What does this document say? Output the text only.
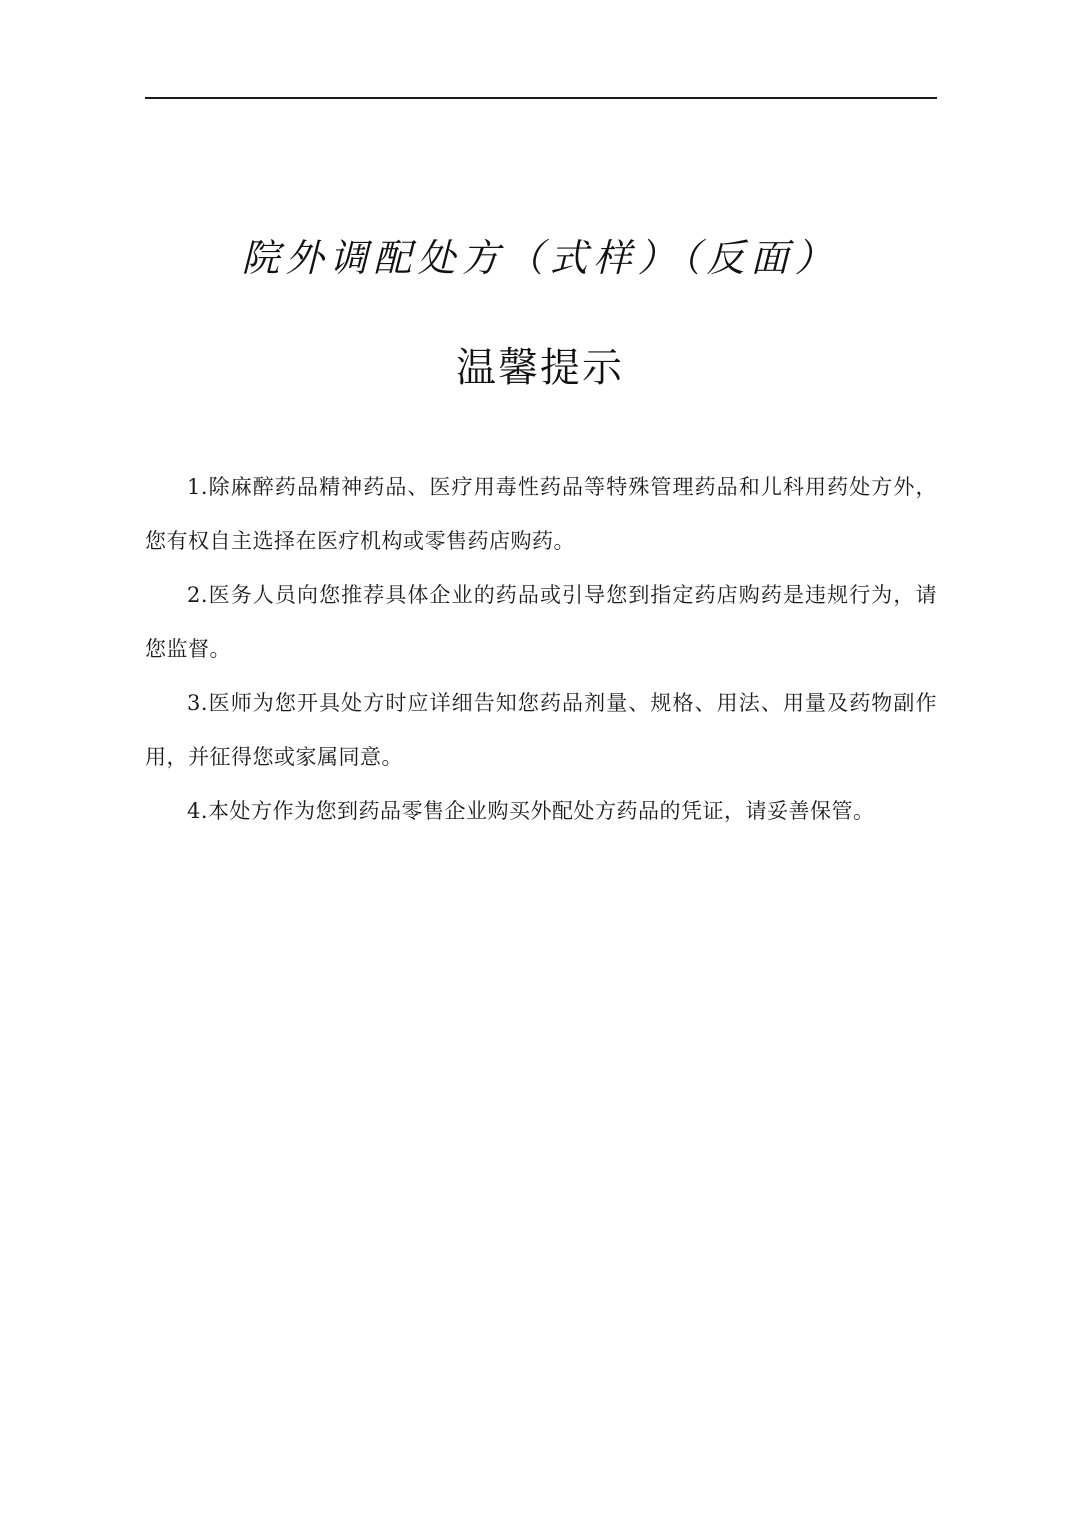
院外调配处方（式样）（反面）
温馨提示

1.除麻醉药品精神药品、医疗用毒性药品等特殊管理药品和儿科用药处方外，您有权自主选择在医疗机构或零售药店购药。

2.医务人员向您推荐具体企业的药品或引导您到指定药店购药是违规行为，请您监督。

3.医师为您开具处方时应详细告知您药品剂量、规格、用法、用量及药物副作用，并征得您或家属同意。

4.本处方作为您到药品零售企业购买外配处方药品的凭证，请妥善保管。
